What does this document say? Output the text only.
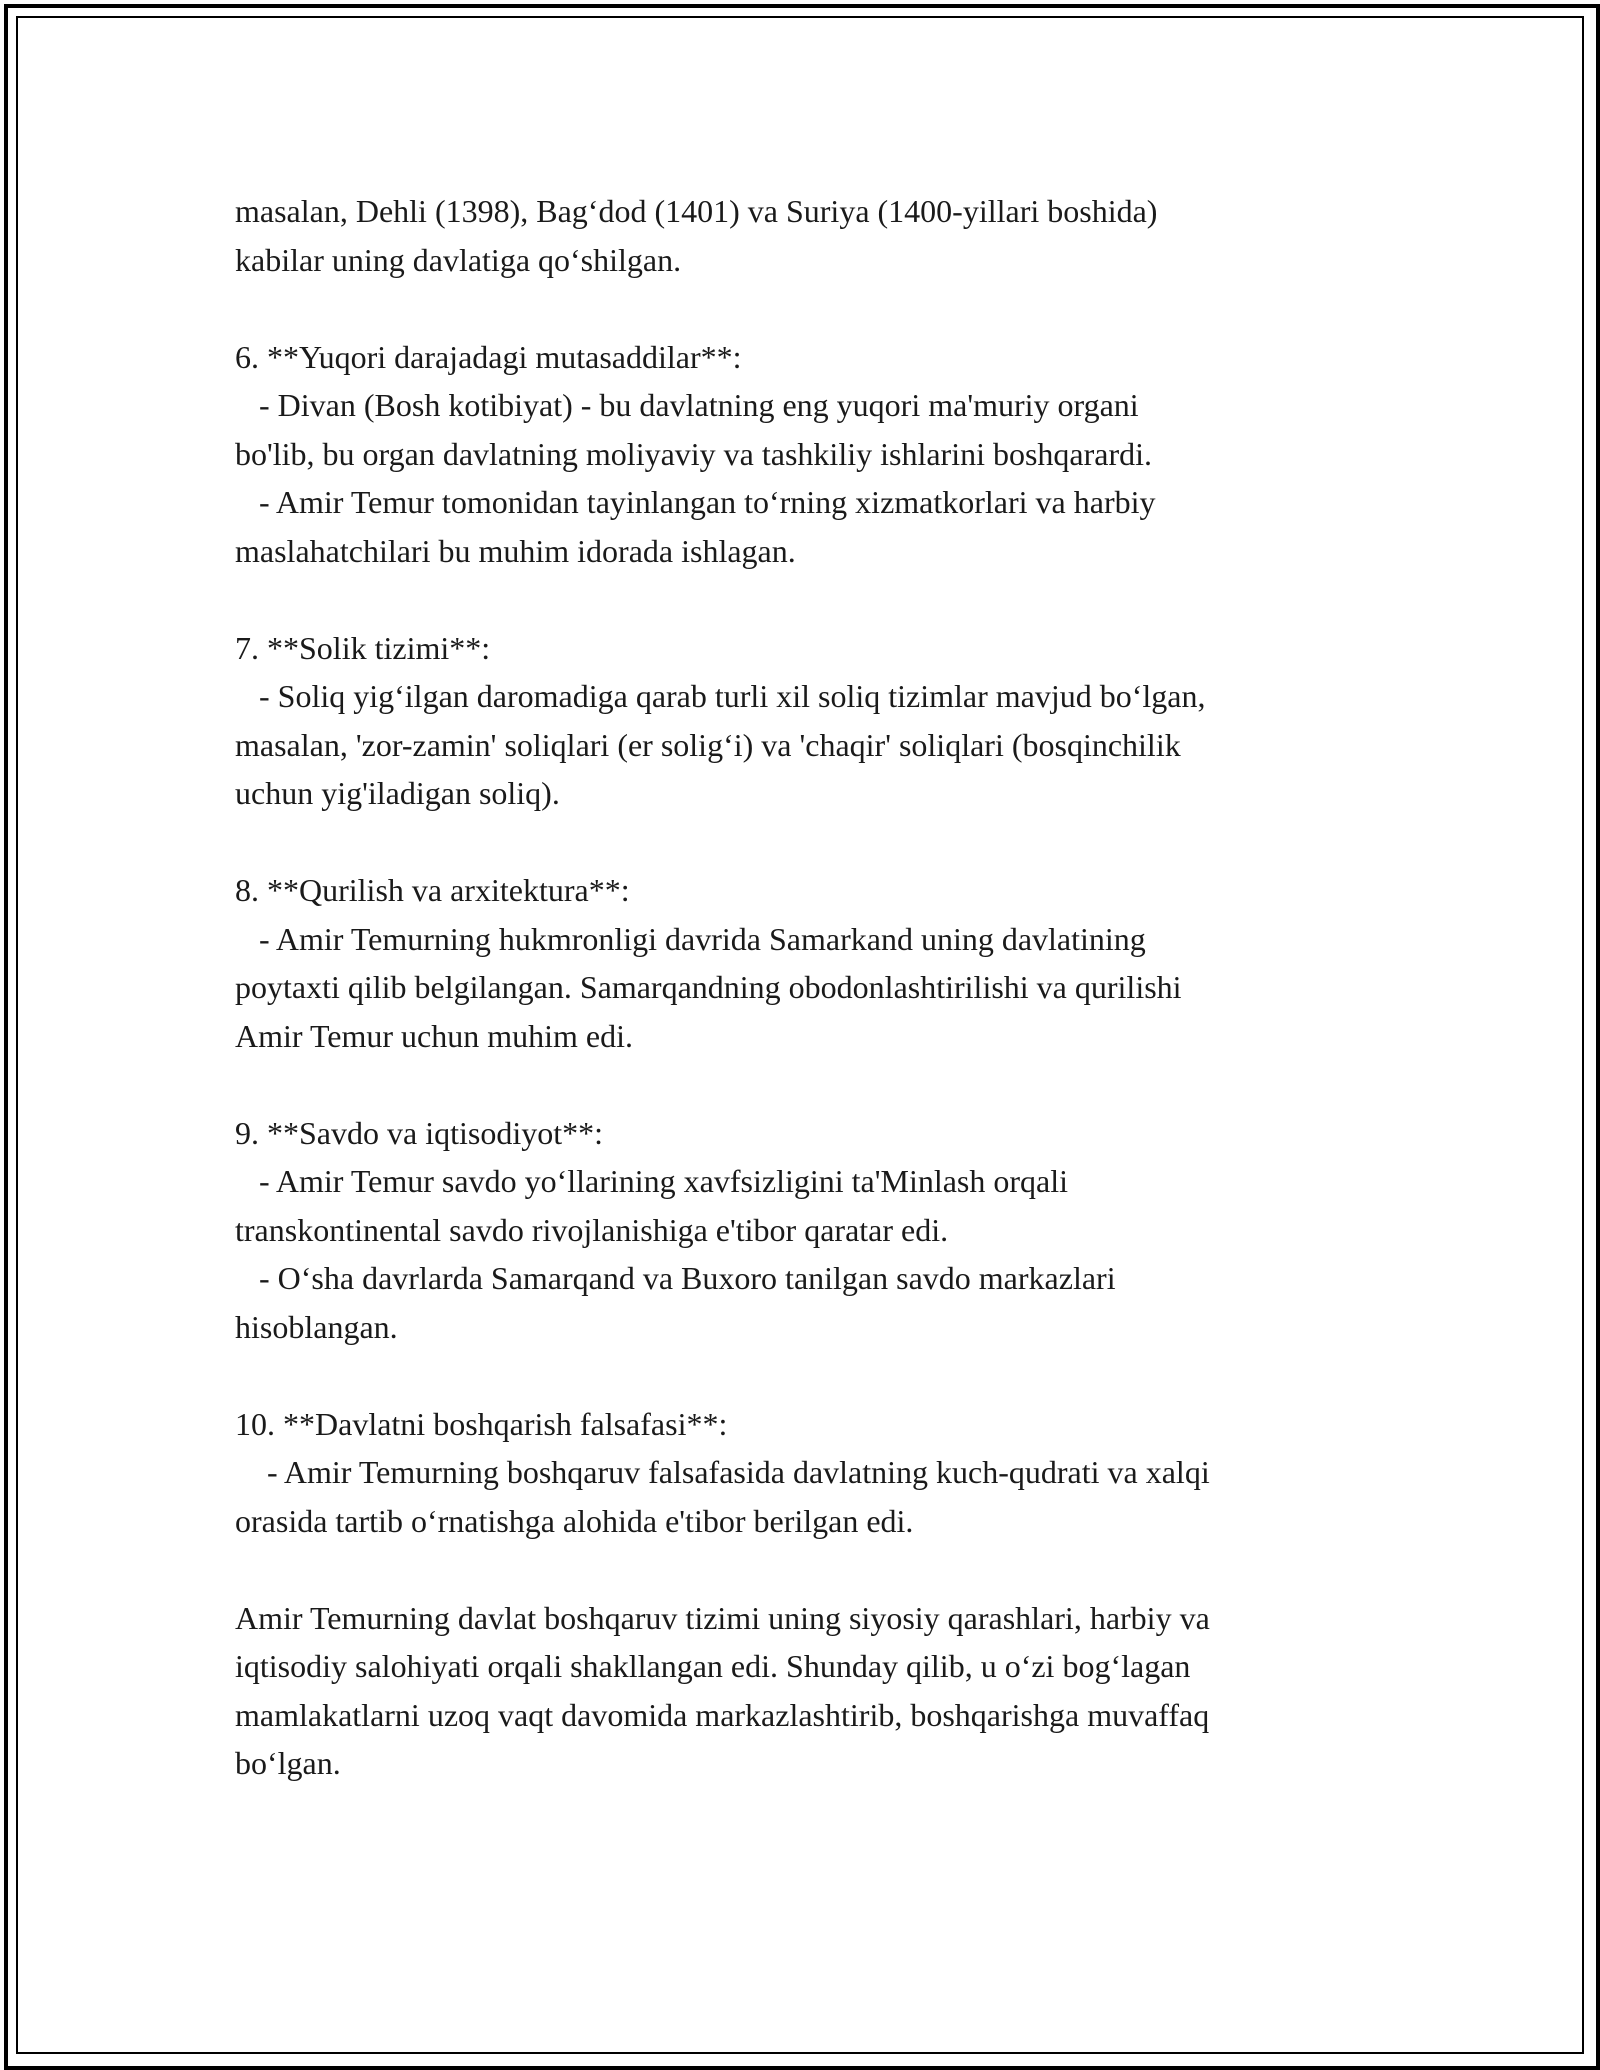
masalan, Dehli (1398), Bag‘dod (1401) va Suriya (1400-yillari boshida)
kabilar uning davlatiga qo‘shilgan.
6. **Yuqori darajadagi mutasaddilar**:
- Divan (Bosh kotibiyat) - bu davlatning eng yuqori ma'muriy organi
bo'lib, bu organ davlatning moliyaviy va tashkiliy ishlarini boshqarardi.
- Amir Temur tomonidan tayinlangan to‘rning xizmatkorlari va harbiy
maslahatchilari bu muhim idorada ishlagan.
7. **Solik tizimi**:
- Soliq yig‘ilgan daromadiga qarab turli xil soliq tizimlar mavjud bo‘lgan,
masalan, 'zor-zamin' soliqlari (er solig‘i) va 'chaqir' soliqlari (bosqinchilik
uchun yig'iladigan soliq).
8. **Qurilish va arxitektura**:
- Amir Temurning hukmronligi davrida Samarkand uning davlatining
poytaxti qilib belgilangan. Samarqandning obodonlashtirilishi va qurilishi
Amir Temur uchun muhim edi.
9. **Savdo va iqtisodiyot**:
- Amir Temur savdo yo‘llarining xavfsizligini ta'Minlash orqali
transkontinental savdo rivojlanishiga e'tibor qaratar edi.
- O‘sha davrlarda Samarqand va Buxoro tanilgan savdo markazlari
hisoblangan.
10. **Davlatni boshqarish falsafasi**:
- Amir Temurning boshqaruv falsafasida davlatning kuch-qudrati va xalqi
orasida tartib o‘rnatishga alohida e'tibor berilgan edi.
Amir Temurning davlat boshqaruv tizimi uning siyosiy qarashlari, harbiy va
iqtisodiy salohiyati orqali shakllangan edi. Shunday qilib, u o‘zi bog‘lagan
mamlakatlarni uzoq vaqt davomida markazlashtirib, boshqarishga muvaffaq
bo‘lgan.
